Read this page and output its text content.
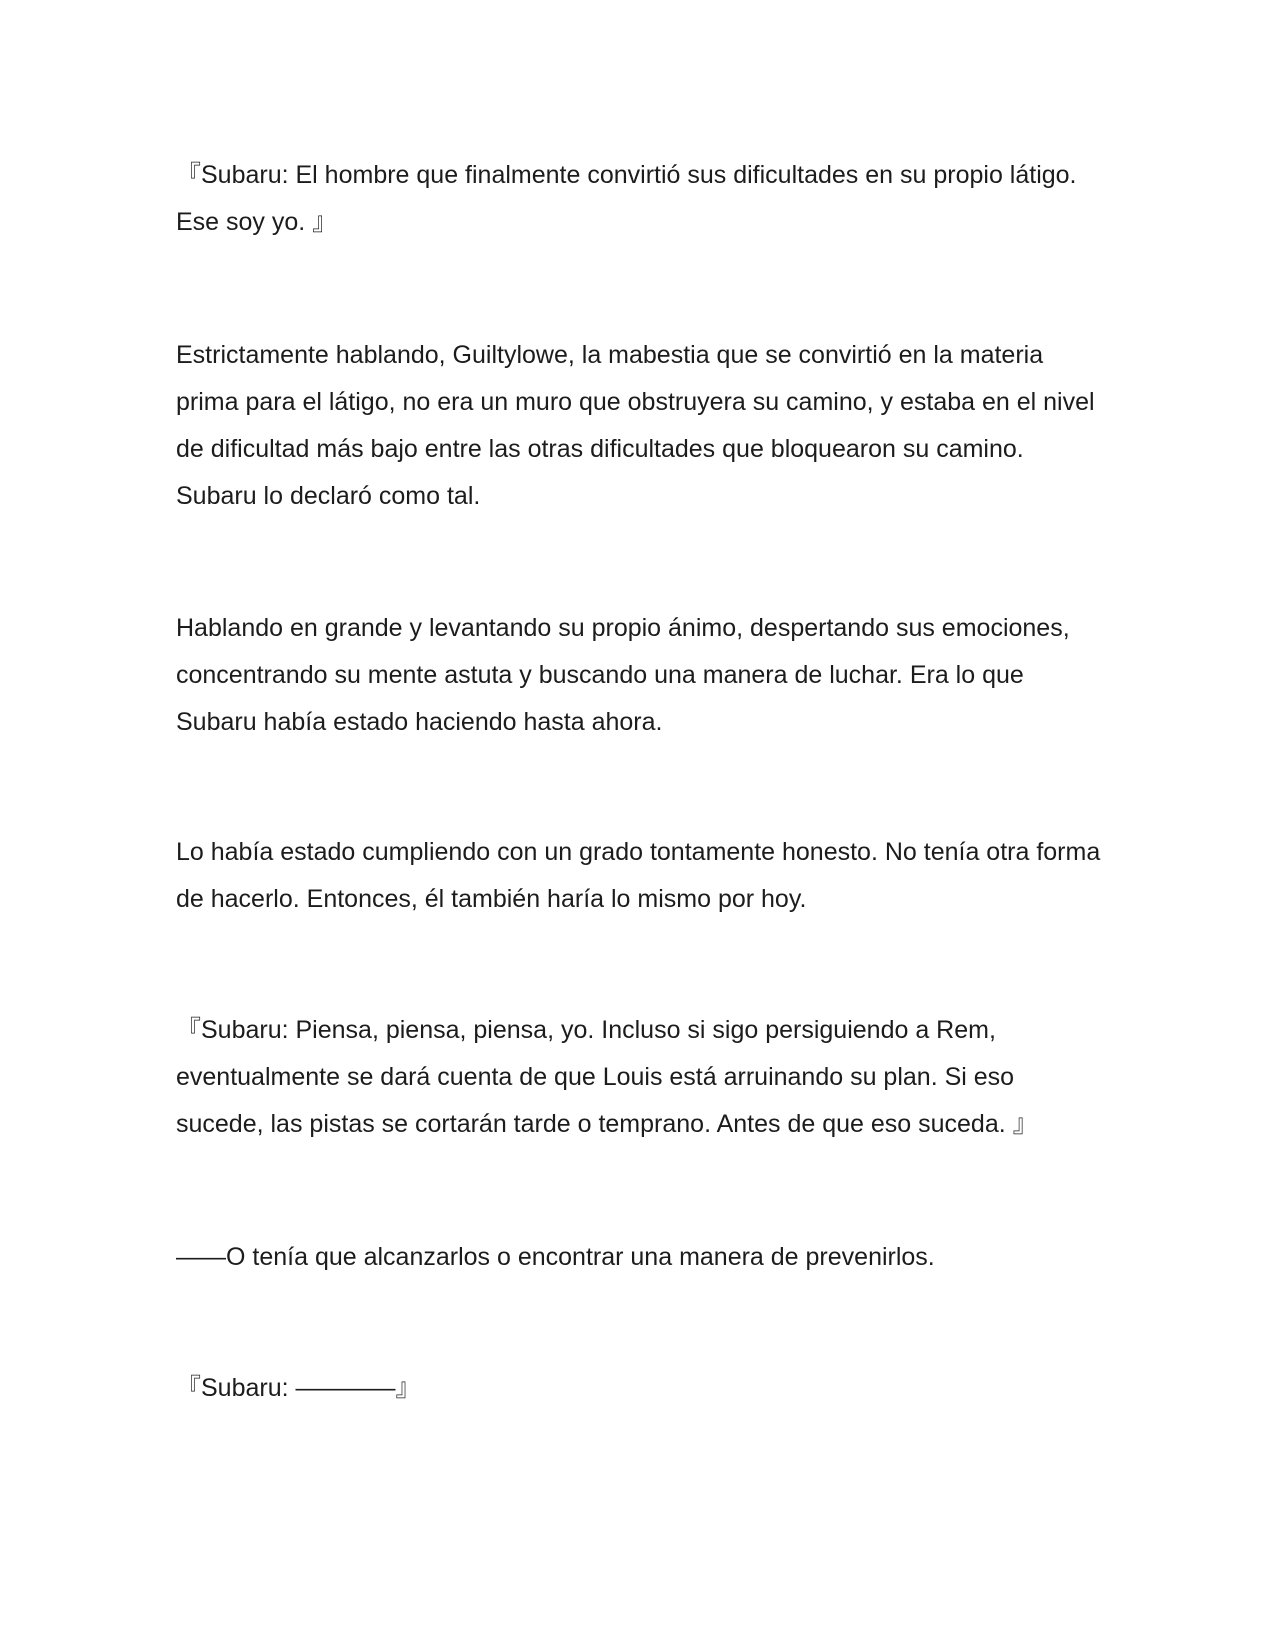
『Subaru: El hombre que finalmente convirtió sus dificultades en su propio látigo. Ese soy yo. 』

Estrictamente hablando, Guiltylowe, la mabestia que se convirtió en la materia prima para el látigo, no era un muro que obstruyera su camino, y estaba en el nivel de dificultad más bajo entre las otras dificultades que bloquearon su camino. Subaru lo declaró como tal.

Hablando en grande y levantando su propio ánimo, despertando sus emociones, concentrando su mente astuta y buscando una manera de luchar. Era lo que Subaru había estado haciendo hasta ahora.

Lo había estado cumpliendo con un grado tontamente honesto. No tenía otra forma de hacerlo. Entonces, él también haría lo mismo por hoy.

『Subaru: Piensa, piensa, piensa, yo. Incluso si sigo persiguiendo a Rem, eventualmente se dará cuenta de que Louis está arruinando su plan. Si eso sucede, las pistas se cortarán tarde o temprano. Antes de que eso suceda. 』

——O tenía que alcanzarlos o encontrar una manera de prevenirlos.

『Subaru: ————』
